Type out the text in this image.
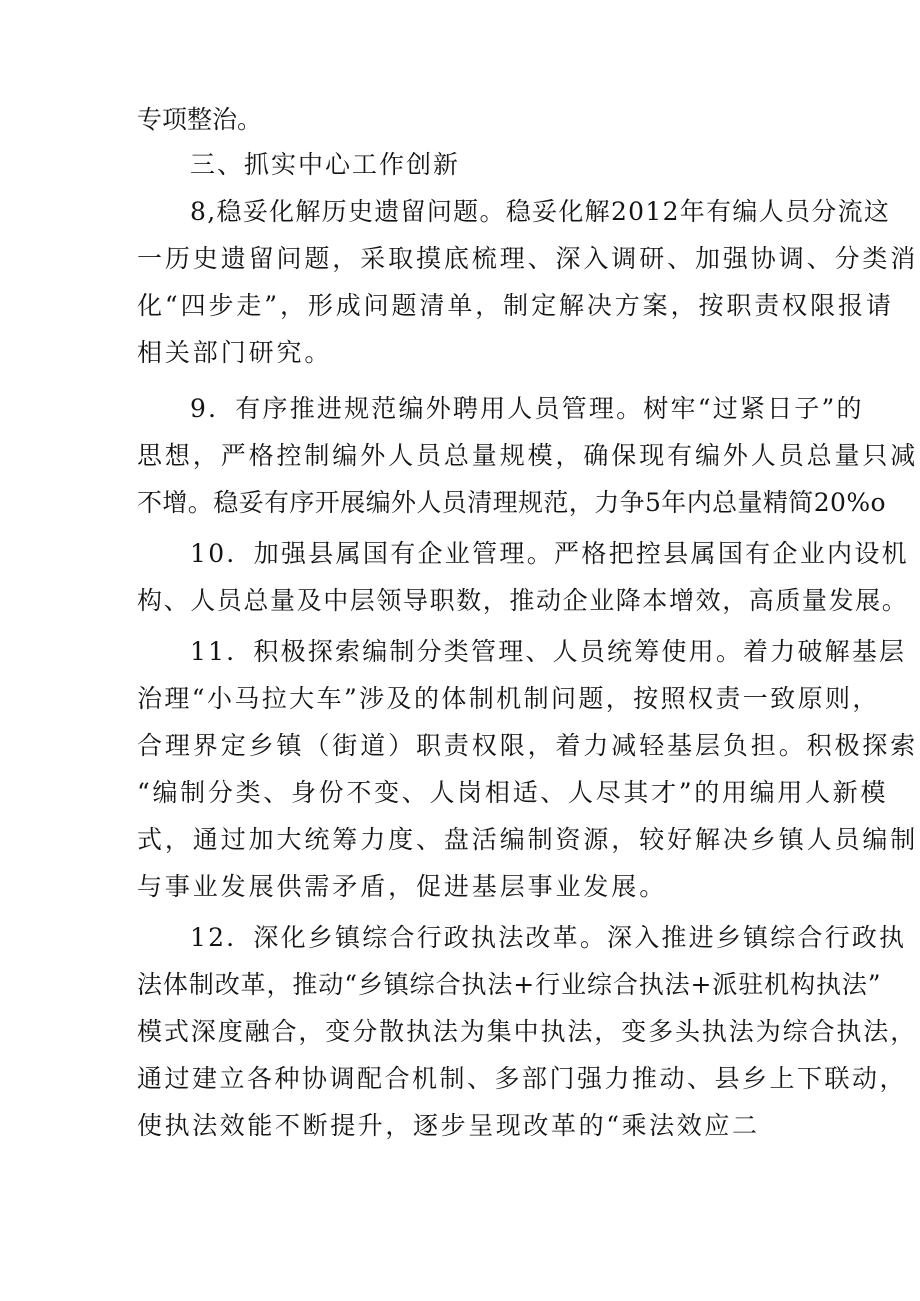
专项整治。
三、抓实中心工作创新
8,稳妥化解历史遗留问题。稳妥化解2012年有编人员分流这
一历史遗留问题，采取摸底梳理、深入调研、加强协调、分类消
化“四步走”，形成问题清单，制定解决方案，按职责权限报请
相关部门研究。
9．有序推进规范编外聘用人员管理。树牢“过紧日子”的
思想，严格控制编外人员总量规模，确保现有编外人员总量只减
不增。稳妥有序开展编外人员清理规范，力争5年内总量精简20%o
10．加强县属国有企业管理。严格把控县属国有企业内设机
构、人员总量及中层领导职数，推动企业降本增效，高质量发展。
11．积极探索编制分类管理、人员统筹使用。着力破解基层
治理“小马拉大车”涉及的体制机制问题，按照权责一致原则，
合理界定乡镇（街道）职责权限，着力减轻基层负担。积极探索
“编制分类、身份不变、人岗相适、人尽其才”的用编用人新模
式，通过加大统筹力度、盘活编制资源，较好解决乡镇人员编制
与事业发展供需矛盾，促进基层事业发展。
12．深化乡镇综合行政执法改革。深入推进乡镇综合行政执
法体制改革，推动“乡镇综合执法+行业综合执法+派驻机构执法”
模式深度融合，变分散执法为集中执法，变多头执法为综合执法，
通过建立各种协调配合机制、多部门强力推动、县乡上下联动，
使执法效能不断提升，逐步呈现改革的“乘法效应二
